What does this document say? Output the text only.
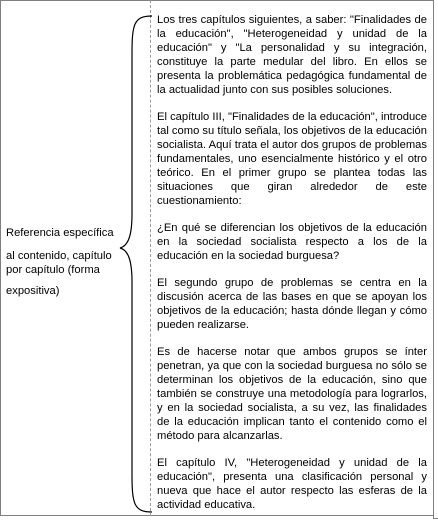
Referencia específica

al contenido, capítulo por capítulo (forma

expositiva)

Los tres capítulos siguientes, a saber: "Finalidades de la educación", "Heterogeneidad y unidad de la educación" y "La personalidad y su integración, constituye la parte medular del libro. En ellos se presenta la problemática pedagógica fundamental de la actualidad junto con sus posibles soluciones.

El capítulo III, "Finalidades de la educación", introduce tal como su título señala, los objetivos de la educación socialista. Aquí trata el autor dos grupos de problemas fundamentales, uno esencialmente histórico y el otro teórico. En el primer grupo se plantea todas las situaciones que giran alrededor de este cuestionamiento:

¿En qué se diferencian los objetivos de la educación en la sociedad socialista respecto a los de la educación en la sociedad burguesa?

El segundo grupo de problemas se centra en la discusión acerca de las bases en que se apoyan los objetivos de la educación; hasta dónde llegan y cómo pueden realizarse.

Es de hacerse notar que ambos grupos se ínter penetran, ya que con la sociedad burguesa no sólo se determinan los objetivos de la educación, sino que también se construye una metodología para lograrlos, y en la sociedad socialista, a su vez, las finalidades de la educación implican tanto el contenido como el método para alcanzarlas.

El capítulo IV, "Heterogeneidad y unidad de la educación", presenta una clasificación personal y nueva que hace el autor respecto las esferas de la actividad educativa.
